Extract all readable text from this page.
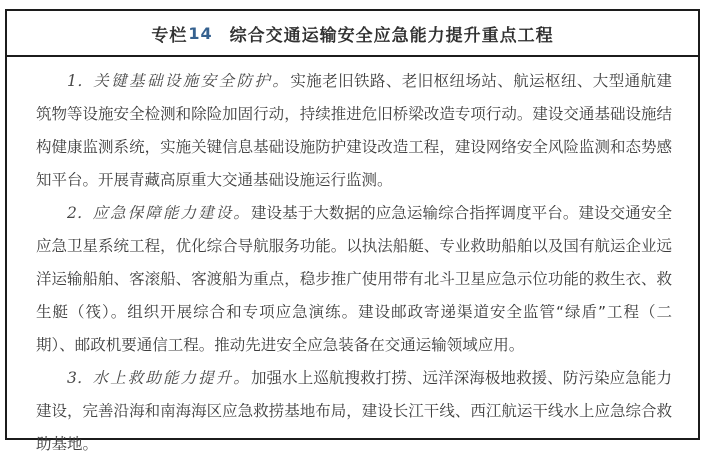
专栏 14 综合交通运输安全应急能力提升重点工程

1．关键基础设施安全防护。实施老旧铁路、老旧枢纽场站、航运枢纽、大型通航建筑物等设施安全检测和除险加固行动，持续推进危旧桥梁改造专项行动。建设交通基础设施结构健康监测系统，实施关键信息基础设施防护建设改造工程，建设网络安全风险监测和态势感知平台。开展青藏高原重大交通基础设施运行监测。

2．应急保障能力建设。建设基于大数据的应急运输综合指挥调度平台。建设交通安全应急卫星系统工程，优化综合导航服务功能。以执法船艇、专业救助船舶以及国有航运企业远洋运输船舶、客滚船、客渡船为重点，稳步推广使用带有北斗卫星应急示位功能的救生衣、救生艇（筏）。组织开展综合和专项应急演练。建设邮政寄递渠道安全监管“绿盾”工程（二期）、邮政机要通信工程。推动先进安全应急装备在交通运输领域应用。

3．水上救助能力提升。加强水上巡航搜救打捞、远洋深海极地救援、防污染应急能力建设，完善沿海和南海海区应急救捞基地布局，建设长江干线、西江航运干线水上应急综合救助基地。
